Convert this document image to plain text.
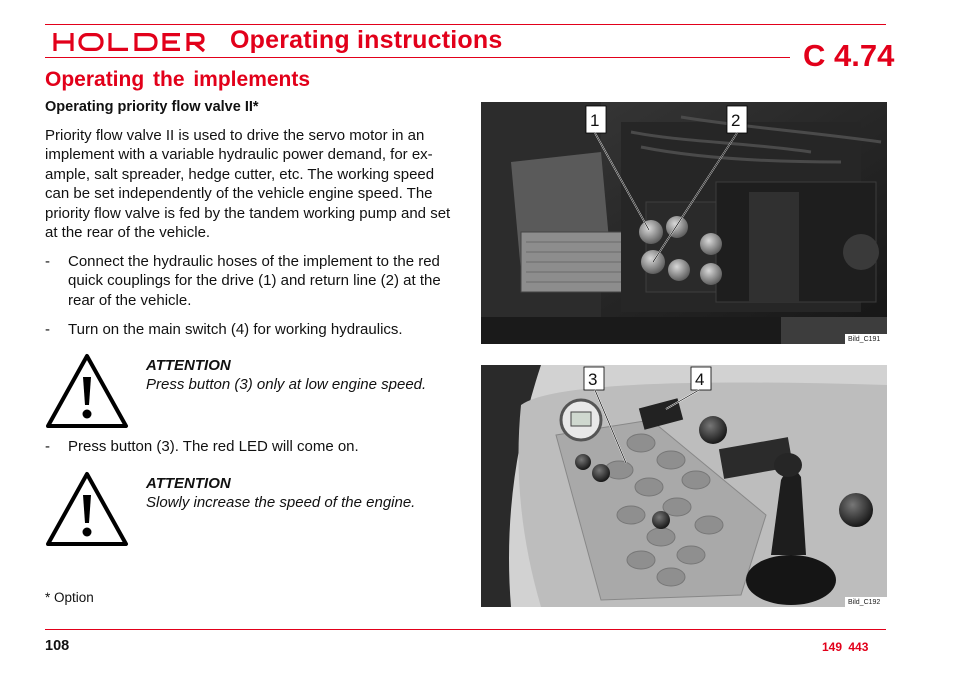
Operating instructions	C 4.74
Operating the implements
Operating priority flow valve II*

Priority flow valve II is used to drive the servo motor in an implement with a variable hydraulic power demand, for ex-ample, salt spreader, hedge cutter, etc. The working speed can be set independently of the vehicle engine speed. The priority flow valve is fed by the tandem working pump and set at the rear of the vehicle.

- Connect the hydraulic hoses of the implement to the red quick couplings for the drive (1) and return line (2) at the rear of the vehicle.
- Turn on the main switch (4) for working hydraulics.
ATTENTION
Press button (3) only at low engine speed.
- Press button (3). The red LED will come on.
ATTENTION
Slowly increase the speed of the engine.
* Option
1	2
Bild_C191
3	4
Bild_C192
108	149 443
